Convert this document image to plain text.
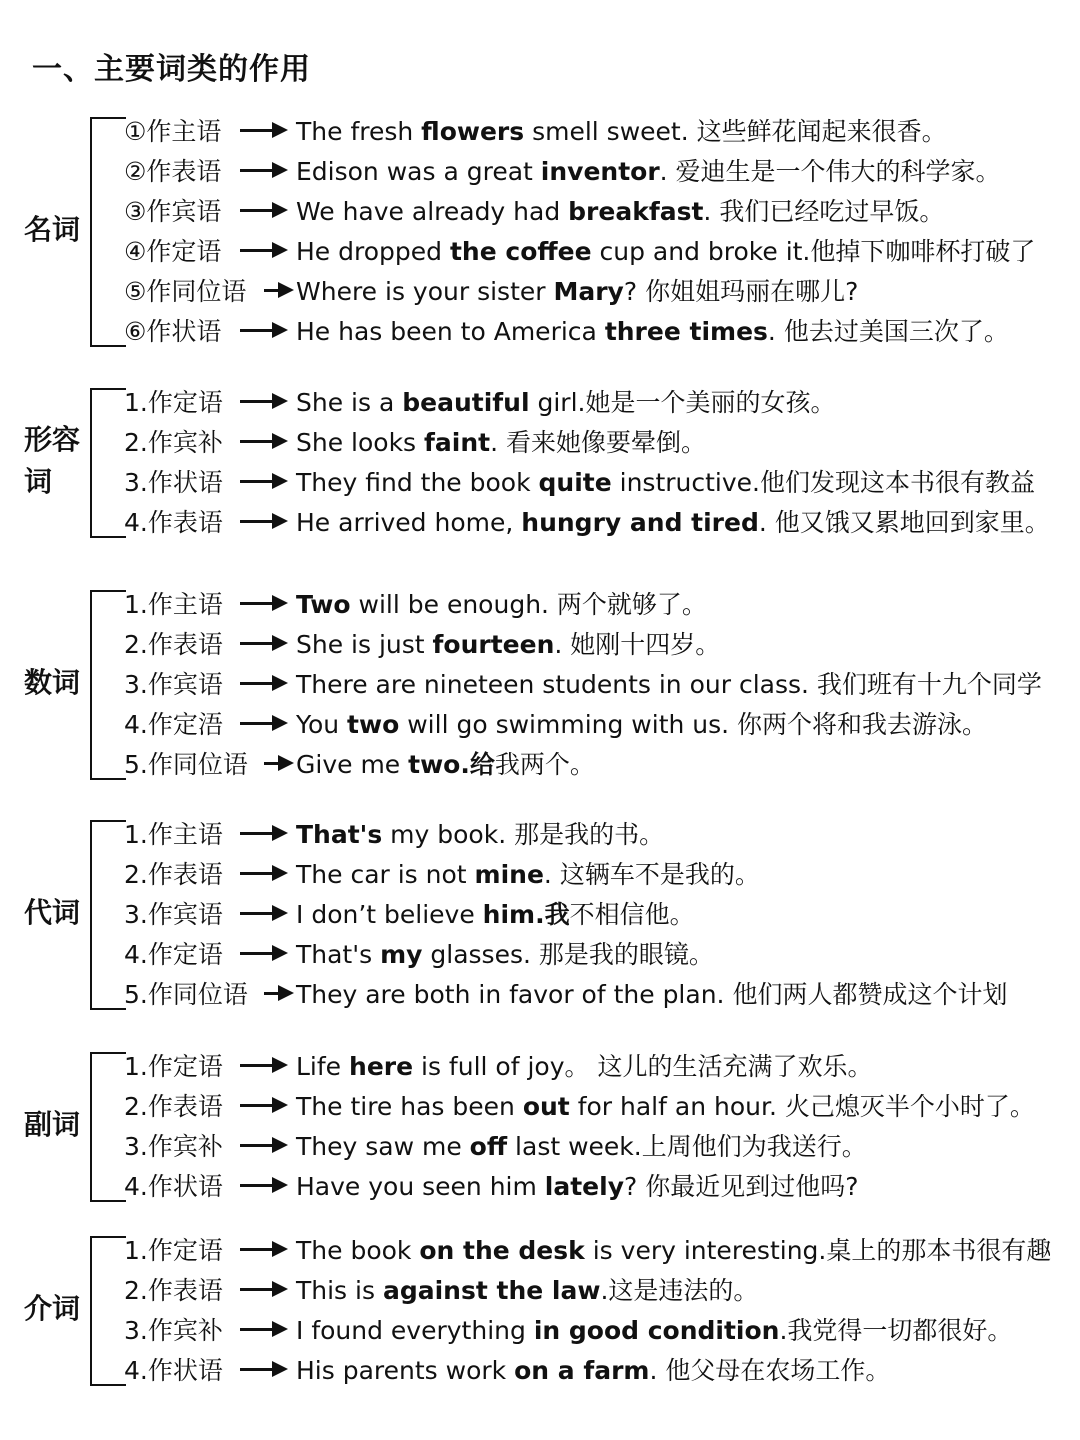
一、主要词类的作用
名词
①作主语	The fresh flowers smell sweet. 这些鲜花闻起来很香。
②作表语	Edison was a great inventor. 爱迪生是一个伟大的科学家。
③作宾语	We have already had breakfast. 我们已经吃过早饭。
④作定语	He dropped the coffee cup and broke it.他掉下咖啡杯打破了
⑤作同位语	Where is your sister Mary? 你姐姐玛丽在哪儿?
⑥作状语	He has been to America three times. 他去过美国三次了。
形容词
1.作定语	She is a beautiful girl.她是一个美丽的女孩。
2.作宾补	She looks faint. 看来她像要晕倒。
3.作状语	They find the book quite instructive.他们发现这本书很有教益
4.作表语	He arrived home, hungry and tired. 他又饿又累地回到家里。
数词
1.作主语	Two will be enough. 两个就够了。
2.作表语	She is just fourteen. 她刚十四岁。
3.作宾语	There are nineteen students in our class. 我们班有十九个同学
4.作定浯	You two will go swimming with us. 你两个将和我去游泳。
5.作同位语	Give me two.给我两个。
代词
1.作主语	That's my book. 那是我的书。
2.作表语	The car is not mine. 这辆车不是我的。
3.作宾语	I don’t believe him.我不相信他。
4.作定语	That's my glasses. 那是我的眼镜。
5.作同位语	They are both in favor of the plan. 他们两人都赞成这个计划
副词
1.作定语	Life here is full of joy。 这儿的生活充满了欢乐。
2.作表语	The tire has been out for half an hour. 火己熄灭半个小时了。
3.作宾补	They saw me off last week.上周他们为我送行。
4.作状语	Have you seen him lately? 你最近见到过他吗?
介词
1.作定语	The book on the desk is very interesting.桌上的那本书很有趣
2.作表语	This is against the law.这是违法的。
3.作宾补	I found everything in good condition.我党得一切都很好。
4.作状语	His parents work on a farm. 他父母在农场工作。
